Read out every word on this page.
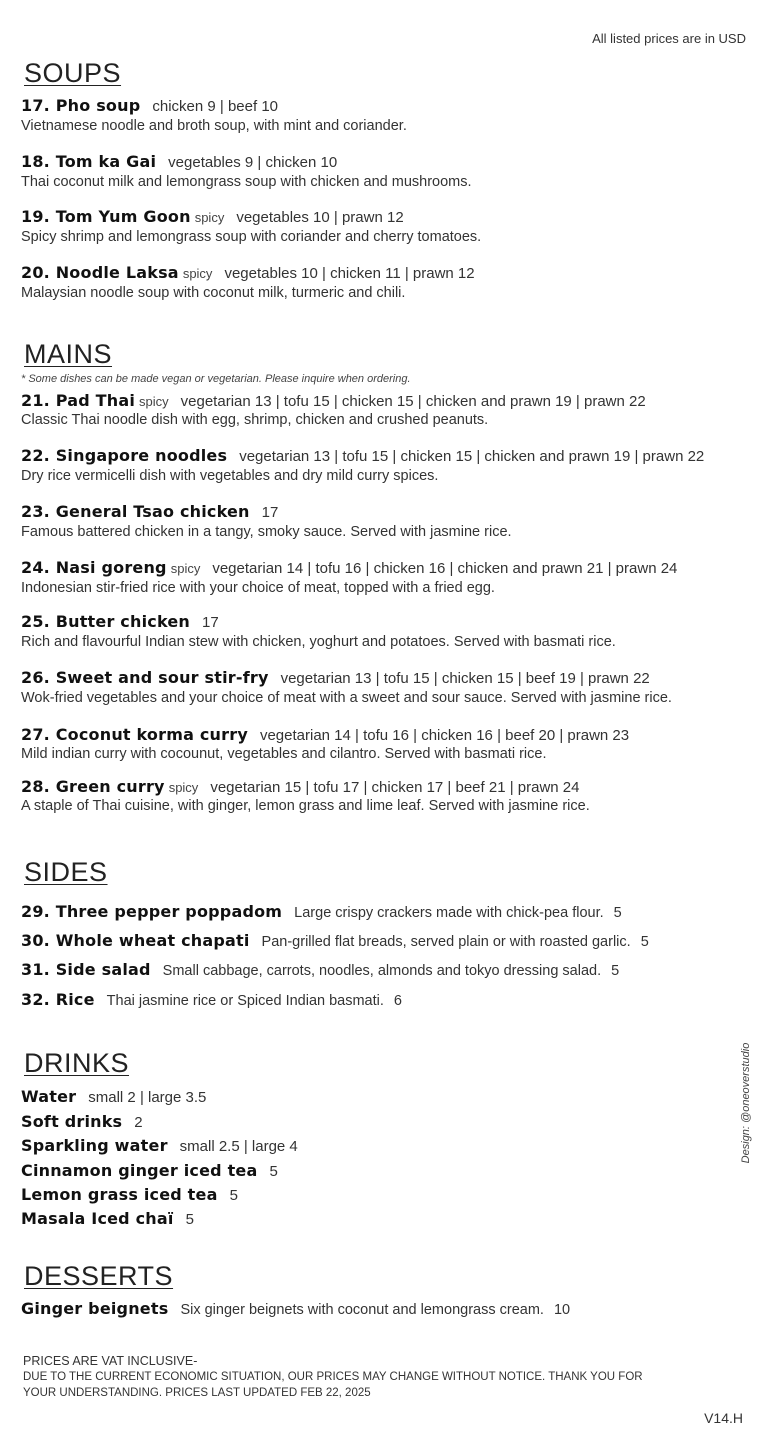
All listed prices are in USD
SOUPS
17. Pho soup chicken 9 | beef 10
Vietnamese noodle and broth soup, with mint and coriander.
18. Tom ka Gai vegetables 9 | chicken 10
Thai coconut milk and lemongrass soup with chicken and mushrooms.
19. Tom Yum Goon spicy vegetables 10 | prawn 12
Spicy shrimp and lemongrass soup with coriander and cherry tomatoes.
20. Noodle Laksa spicy vegetables 10 | chicken 11 | prawn 12
Malaysian noodle soup with coconut milk, turmeric and chili.
MAINS
* Some dishes can be made vegan or vegetarian. Please inquire when ordering.
21. Pad Thai spicy vegetarian 13 | tofu 15 | chicken 15 | chicken and prawn 19 | prawn 22
Classic Thai noodle dish with egg, shrimp, chicken and crushed peanuts.
22. Singapore noodles vegetarian 13 | tofu 15 | chicken 15 | chicken and prawn 19 | prawn 22
Dry rice vermicelli dish with vegetables and dry mild curry spices.
23. General Tsao chicken 17
Famous battered chicken in a tangy, smoky sauce. Served with jasmine rice.
24. Nasi goreng spicy vegetarian 14 | tofu 16 | chicken 16 | chicken and prawn 21 | prawn 24
Indonesian stir-fried rice with your choice of meat, topped with a fried egg.
25. Butter chicken 17
Rich and flavourful Indian stew with chicken, yoghurt and potatoes. Served with basmati rice.
26. Sweet and sour stir-fry vegetarian 13 | tofu 15 | chicken 15 | beef 19 | prawn 22
Wok-fried vegetables and your choice of meat with a sweet and sour sauce. Served with jasmine rice.
27. Coconut korma curry vegetarian 14 | tofu 16 | chicken 16 | beef 20 | prawn 23
Mild indian curry with cocounut, vegetables and cilantro. Served with basmati rice.
28. Green curry spicy vegetarian 15 | tofu 17 | chicken 17 | beef 21 | prawn 24
A staple of Thai cuisine, with ginger, lemon grass and lime leaf. Served with jasmine rice.
SIDES
29. Three pepper poppadom Large crispy crackers made with chick-pea flour. 5
30. Whole wheat chapati Pan-grilled flat breads, served plain or with roasted garlic. 5
31. Side salad Small cabbage, carrots, noodles, almonds and tokyo dressing salad. 5
32. Rice Thai jasmine rice or Spiced Indian basmati. 6
DRINKS
Water small 2 | large 3.5
Soft drinks 2
Sparkling water small 2.5 | large 4
Cinnamon ginger iced tea 5
Lemon grass iced tea 5
Masala Iced chaï 5
Design: @oneoverstudio
DESSERTS
Ginger beignets Six ginger beignets with coconut and lemongrass cream. 10
PRICES ARE VAT INCLUSIVE-
DUE TO THE CURRENT ECONOMIC SITUATION, OUR PRICES MAY CHANGE WITHOUT NOTICE. THANK YOU FOR
YOUR UNDERSTANDING. PRICES LAST UPDATED FEB 22, 2025
V14.H
